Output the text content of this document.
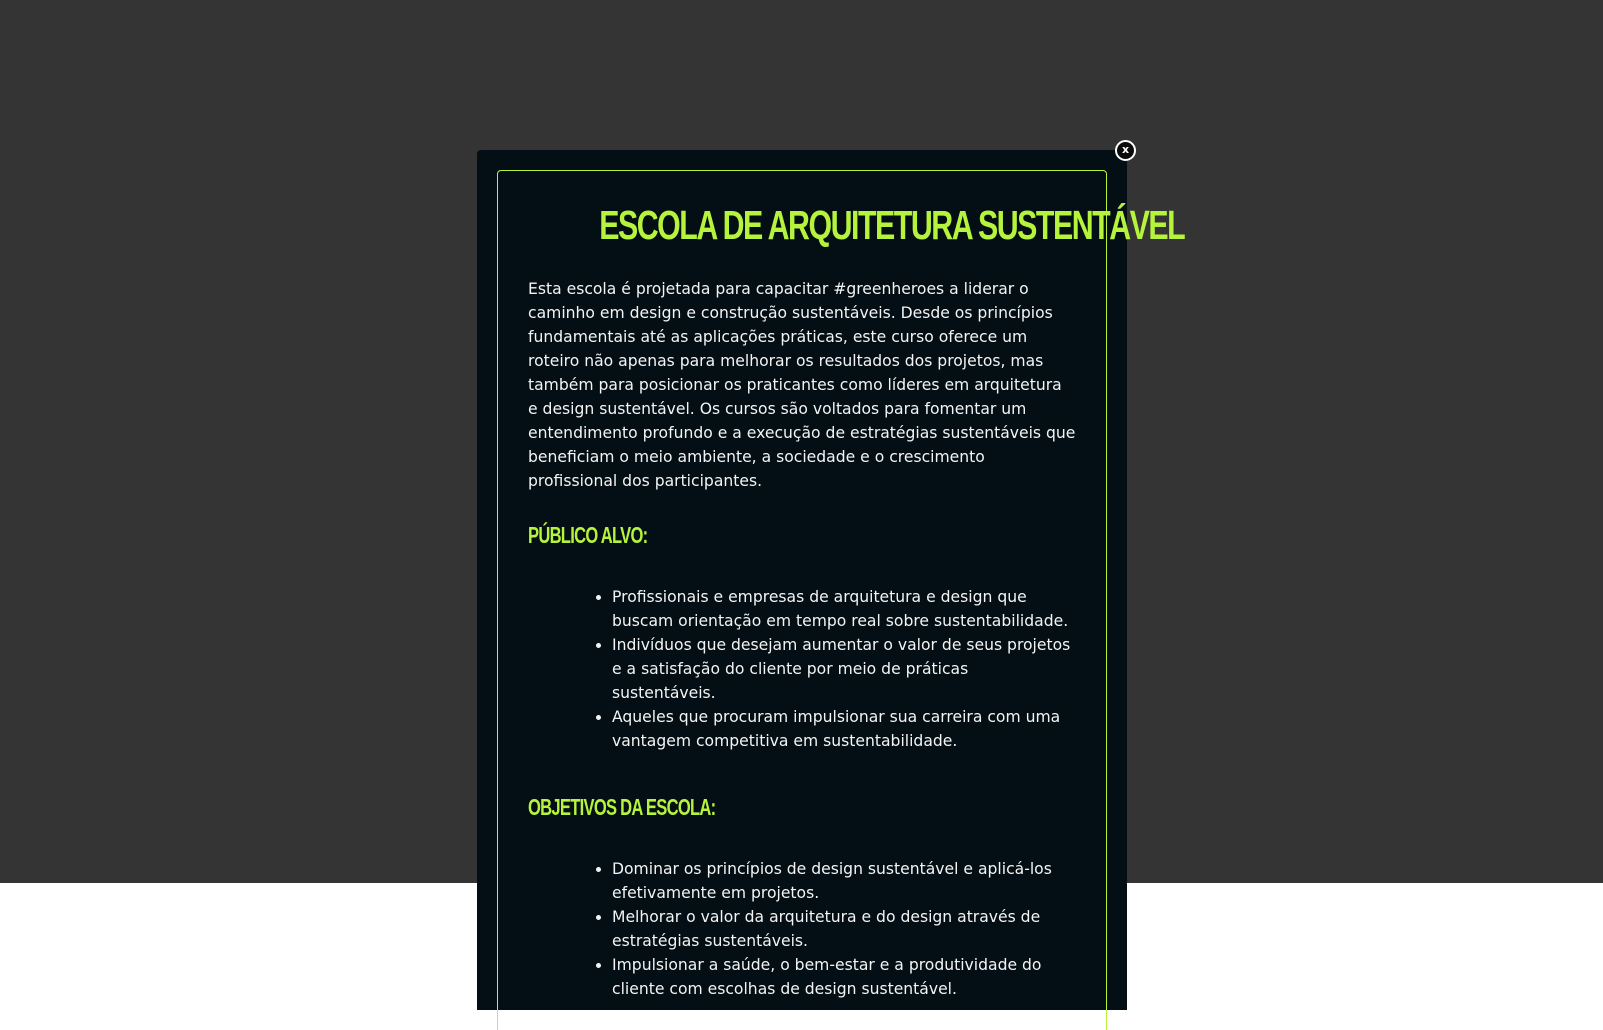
ESCOLA DE ARQUITETURA SUSTENTÁVEL

Esta escola é projetada para capacitar #greenheroes a liderar o caminho em design e construção sustentáveis. Desde os princípios fundamentais até as aplicações práticas, este curso oferece um roteiro não apenas para melhorar os resultados dos projetos, mas também para posicionar os praticantes como líderes em arquitetura e design sustentável. Os cursos são voltados para fomentar um entendimento profundo e a execução de estratégias sustentáveis que beneficiam o meio ambiente, a sociedade e o crescimento profissional dos participantes.

PÚBLICO ALVO:
• Profissionais e empresas de arquitetura e design que buscam orientação em tempo real sobre sustentabilidade.
• Indivíduos que desejam aumentar o valor de seus projetos e a satisfação do cliente por meio de práticas sustentáveis.
• Aqueles que procuram impulsionar sua carreira com uma vantagem competitiva em sustentabilidade.
OBJETIVOS DA ESCOLA:
• Dominar os princípios de design sustentável e aplicá-los efetivamente em projetos.
• Melhorar o valor da arquitetura e do design através de estratégias sustentáveis.
• Impulsionar a saúde, o bem-estar e a produtividade do cliente com escolhas de design sustentável.
x
